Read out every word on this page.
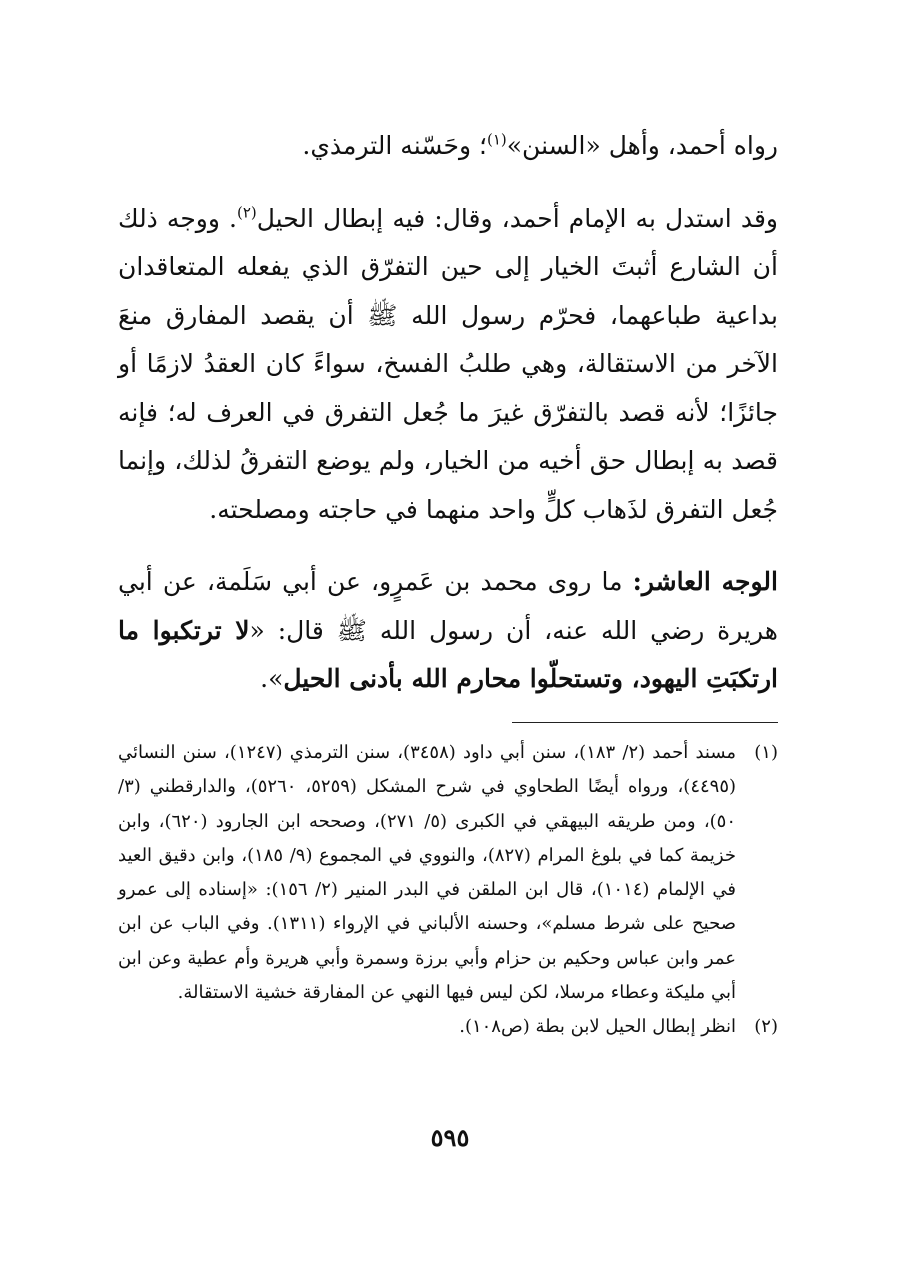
رواه أحمد، وأهل «السنن»$^{(١)}$؛ وحَسّنه الترمذي.

وقد استدل به الإمام أحمد، وقال: فيه إبطال الحيل$^{(٢)}$. ووجه ذلك أن الشارع أثبتَ الخيار إلى حين التفرّق الذي يفعله المتعاقدان بداعية طباعهما، فحرّم رسول الله ﷺ أن يقصد المفارق منعَ الآخر من الاستقالة، وهي طلبُ الفسخ، سواءً كان العقدُ لازمًا أو جائزًا؛ لأنه قصد بالتفرّق غيرَ ما جُعل التفرق في العرف له؛ فإنه قصد به إبطال حق أخيه من الخيار، ولم يوضع التفرقُ لذلك، وإنما جُعل التفرق لذَهاب كلٍّ واحد منهما في حاجته ومصلحته.

الوجه العاشر: ما روى محمد بن عَمرٍو، عن أبي سَلَمة، عن أبي هريرة رضي الله عنه، أن رسول الله ﷺ قال: «لا ترتكبوا ما ارتكبَتِ اليهود، وتستحلّوا محارم الله بأدنى الحيل».

(١)
مسند أحمد (٢/ ١٨٣)، سنن أبي داود (٣٤٥٨)، سنن الترمذي (١٢٤٧)، سنن النسائي (٤٤٩٥)، ورواه أيضًا الطحاوي في شرح المشكل (٥٢٥٩، ٥٢٦٠)، والدارقطني (٣/ ٥٠)، ومن طريقه البيهقي في الكبرى (٥/ ٢٧١)، وصححه ابن الجارود (٦٢٠)، وابن خزيمة كما في بلوغ المرام (٨٢٧)، والنووي في المجموع (٩/ ١٨٥)، وابن دقيق العيد في الإلمام (١٠١٤)، قال ابن الملقن في البدر المنير (٢/ ١٥٦): «إسناده إلى عمرو صحيح على شرط مسلم»، وحسنه الألباني في الإرواء (١٣١١). وفي الباب عن ابن عمر وابن عباس وحكيم بن حزام وأبي برزة وسمرة وأبي هريرة وأم عطية وعن ابن أبي مليكة وعطاء مرسلا، لكن ليس فيها النهي عن المفارقة خشية الاستقالة.
(٢)
انظر إبطال الحيل لابن بطة (ص١٠٨).
٥٩٥
